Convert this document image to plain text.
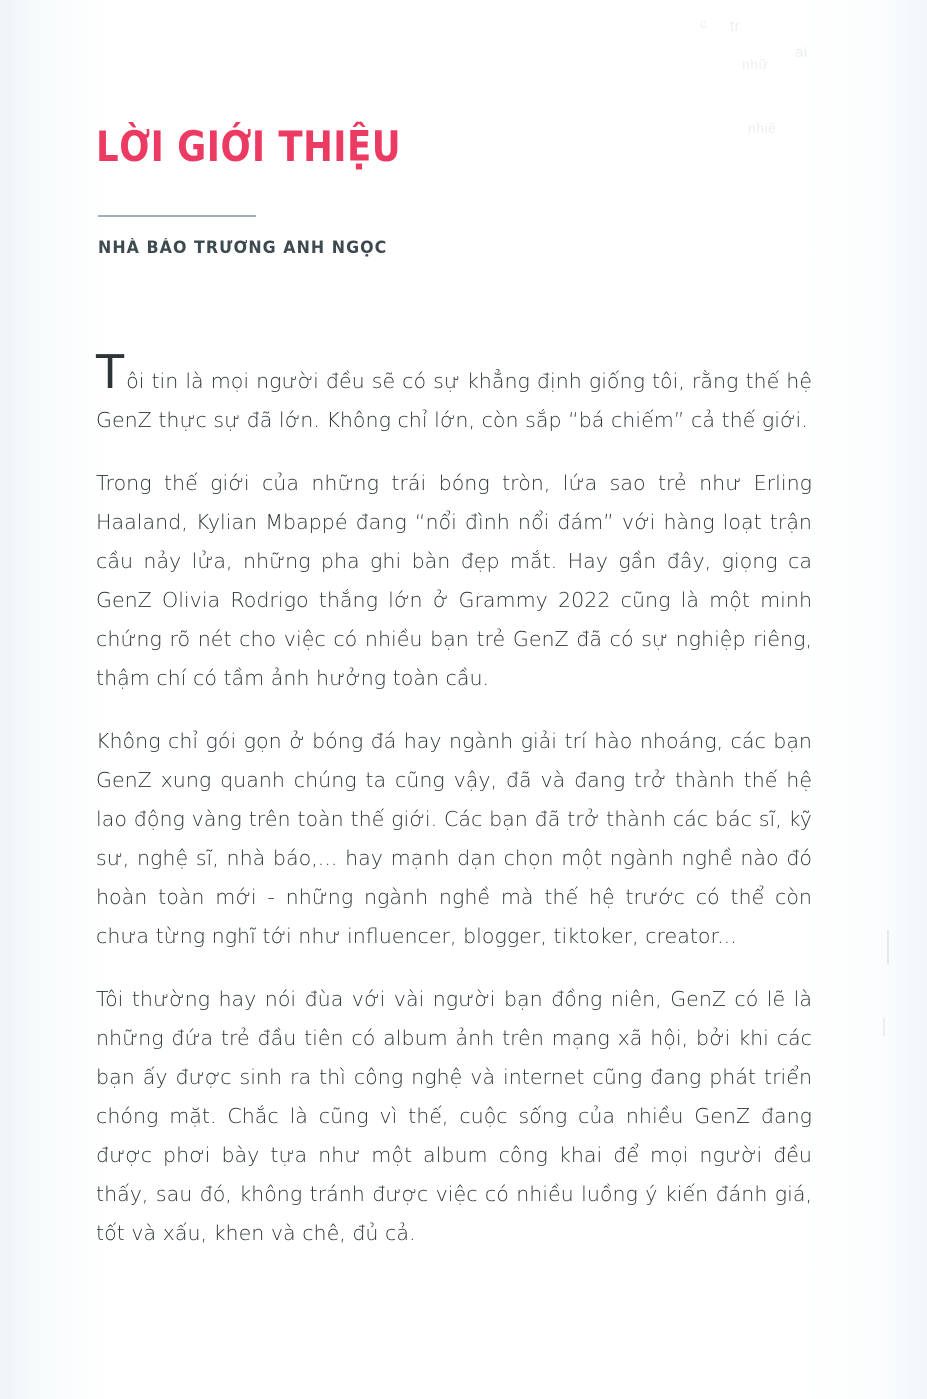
tr
c
ai
nhữ
nhiề
LỜI GIỚI THIỆU
NHÀ BÁO TRƯƠNG ANH NGỌC

Tôi tin là mọi người đều sẽ có sự khẳng định giống tôi, rằng thế hệ GenZ thực sự đã lớn. Không chỉ lớn, còn sắp “bá chiếm” cả thế giới.

Trong thế giới của những trái bóng tròn, lứa sao trẻ như Erling Haaland, Kylian Mbappé đang “nổi đình nổi đám” với hàng loạt trận cầu nảy lửa, những pha ghi bàn đẹp mắt. Hay gần đây, giọng ca GenZ Olivia Rodrigo thắng lớn ở Grammy 2022 cũng là một minh chứng rõ nét cho việc có nhiều bạn trẻ GenZ đã có sự nghiệp riêng, thậm chí có tầm ảnh hưởng toàn cầu.

Không chỉ gói gọn ở bóng đá hay ngành giải trí hào nhoáng, các bạn GenZ xung quanh chúng ta cũng vậy, đã và đang trở thành thế hệ lao động vàng trên toàn thế giới. Các bạn đã trở thành các bác sĩ, kỹ sư, nghệ sĩ, nhà báo,... hay mạnh dạn chọn một ngành nghề nào đó hoàn toàn mới - những ngành nghề mà thế hệ trước có thể còn chưa từng nghĩ tới như influencer, blogger, tiktoker, creator...

Tôi thường hay nói đùa với vài người bạn đồng niên, GenZ có lẽ là những đứa trẻ đầu tiên có album ảnh trên mạng xã hội, bởi khi các bạn ấy được sinh ra thì công nghệ và internet cũng đang phát triển chóng mặt. Chắc là cũng vì thế, cuộc sống của nhiều GenZ đang được phơi bày tựa như một album công khai để mọi người đều thấy, sau đó, không tránh được việc có nhiều luồng ý kiến đánh giá, tốt và xấu, khen và chê, đủ cả.
